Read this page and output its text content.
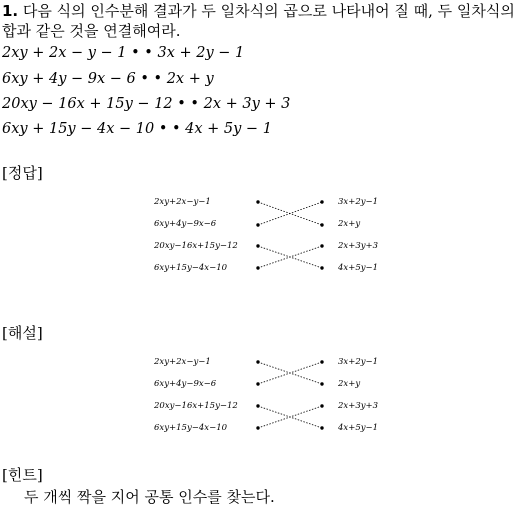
1. 다음 식의 인수분해 결과가 두 일차식의 곱으로 나타내어 질 때, 두 일차식의
합과 같은 것을 연결해여라.
2xy + 2x − y − 1 • • 3x + 2y − 1
6xy + 4y − 9x − 6 • • 2x + y
20xy − 16x + 15y − 12 • • 2x + 3y + 3
6xy + 15y − 4x − 10 • • 4x + 5y − 1
[정답]
2xy+2x−y−1
6xy+4y−9x−6
20xy−16x+15y−12
6xy+15y−4x−10
3x+2y−1
2x+y
2x+3y+3
4x+5y−1
[해설]
2xy+2x−y−1
6xy+4y−9x−6
20xy−16x+15y−12
6xy+15y−4x−10
3x+2y−1
2x+y
2x+3y+3
4x+5y−1
[힌트]
두 개씩 짝을 지어 공통 인수를 찾는다.
